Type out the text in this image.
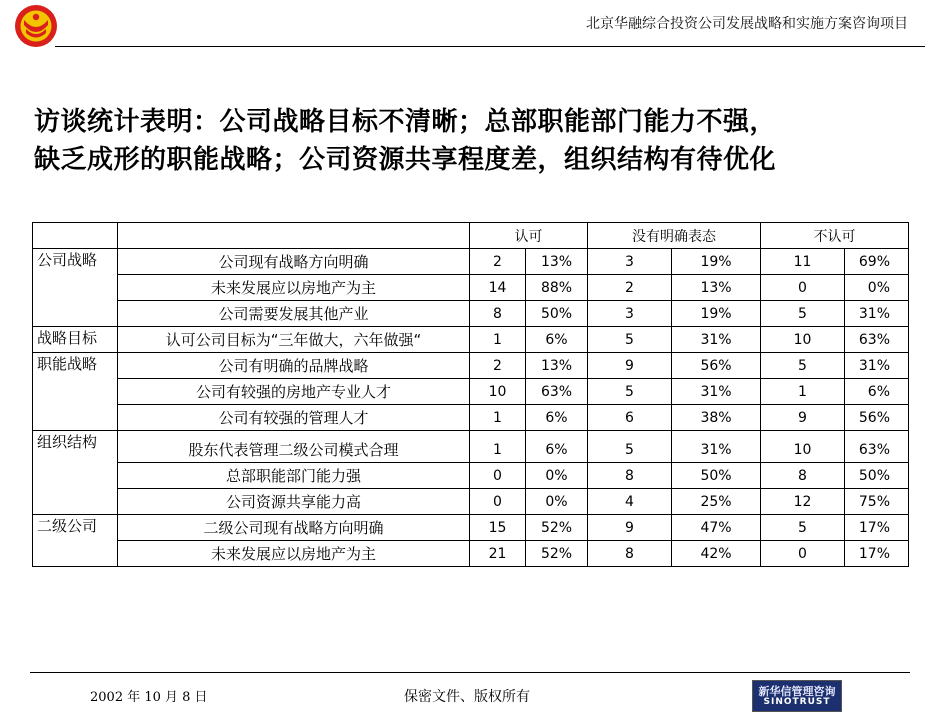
北京华融综合投资公司发展战略和实施方案咨询项目
访谈统计表明：公司战略目标不清晰；总部职能部门能力不强，
缺乏成形的职能战略；公司资源共享程度差，组织结构有待优化
		认可		没有明确表态		不认可	
公司战略	公司现有战略方向明确	2	13%	3	19%	11	69%
	未来发展应以房地产为主	14	88%	2	13%	0	0%
	公司需要发展其他产业	8	50%	3	19%	5	31%
战略目标	认可公司目标为“三年做大，六年做强“	1	6%	5	31%	10	63%
职能战略	公司有明确的品牌战略	2	13%	9	56%	5	31%
	公司有较强的房地产专业人才	10	63%	5	31%	1	6%
	公司有较强的管理人才	1	6%	6	38%	9	56%
组织结构	股东代表管理二级公司模式合理	1	6%	5	31%	10	63%
	总部职能部门能力强	0	0%	8	50%	8	50%
	公司资源共享能力高	0	0%	4	25%	12	75%
二级公司	二级公司现有战略方向明确	15	52%	9	47%	5	17%
	未来发展应以房地产为主	21	52%	8	42%	0	17%
2002 年 10 月 8 日	保密文件、版权所有	新华信管理咨询
SINOTRUST
